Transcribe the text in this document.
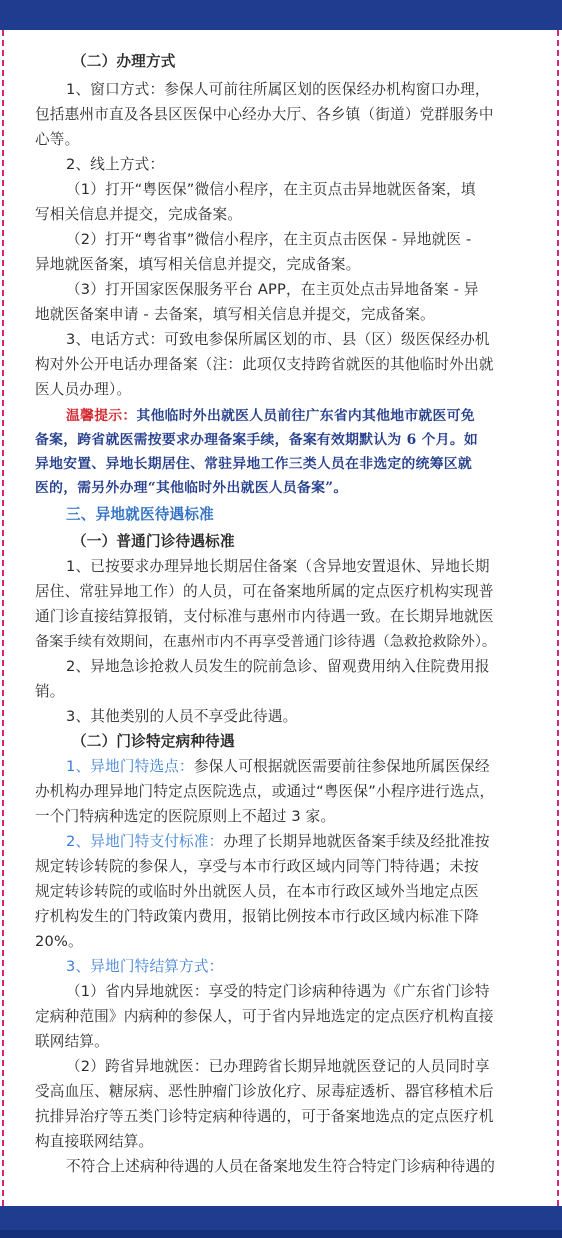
（二）办理方式
1、窗口方式：参保人可前往所属区划的医保经办机构窗口办理，
包括惠州市直及各县区医保中心经办大厅、各乡镇（街道）党群服务中
心等。
2、线上方式：
（1）打开“粤医保”微信小程序，在主页点击异地就医备案，填
写相关信息并提交，完成备案。
（2）打开“粤省事”微信小程序，在主页点击医保 - 异地就医 -
异地就医备案，填写相关信息并提交，完成备案。
（3）打开国家医保服务平台 APP，在主页处点击异地备案 - 异
地就医备案申请 - 去备案，填写相关信息并提交，完成备案。
3、电话方式：可致电参保所属区划的市、县（区）级医保经办机
构对外公开电话办理备案（注：此项仅支持跨省就医的其他临时外出就
医人员办理）。
温馨提示：其他临时外出就医人员前往广东省内其他地市就医可免
备案，跨省就医需按要求办理备案手续，备案有效期默认为 6 个月。如
异地安置、异地长期居住、常驻异地工作三类人员在非选定的统筹区就
医的，需另外办理“其他临时外出就医人员备案”。
三、异地就医待遇标准
（一）普通门诊待遇标准
1、已按要求办理异地长期居住备案（含异地安置退休、异地长期
居住、常驻异地工作）的人员，可在备案地所属的定点医疗机构实现普
通门诊直接结算报销，支付标准与惠州市内待遇一致。在长期异地就医
备案手续有效期间，在惠州市内不再享受普通门诊待遇（急救抢救除外）。
2、异地急诊抢救人员发生的院前急诊、留观费用纳入住院费用报
销。
3、其他类别的人员不享受此待遇。
（二）门诊特定病种待遇
1、异地门特选点：参保人可根据就医需要前往参保地所属医保经
办机构办理异地门特定点医院选点，或通过“粤医保”小程序进行选点，
一个门特病种选定的医院原则上不超过 3 家。
2、异地门特支付标准：办理了长期异地就医备案手续及经批准按
规定转诊转院的参保人，享受与本市行政区域内同等门特待遇；未按
规定转诊转院的或临时外出就医人员，在本市行政区域外当地定点医
疗机构发生的门特政策内费用，报销比例按本市行政区域内标准下降
20%。
3、异地门特结算方式：
（1）省内异地就医：享受的特定门诊病种待遇为《广东省门诊特
定病种范围》内病种的参保人，可于省内异地选定的定点医疗机构直接
联网结算。
（2）跨省异地就医：已办理跨省长期异地就医登记的人员同时享
受高血压、糖尿病、恶性肿瘤门诊放化疗、尿毒症透析、器官移植术后
抗排异治疗等五类门诊特定病种待遇的，可于备案地选点的定点医疗机
构直接联网结算。
不符合上述病种待遇的人员在备案地发生符合特定门诊病种待遇的
